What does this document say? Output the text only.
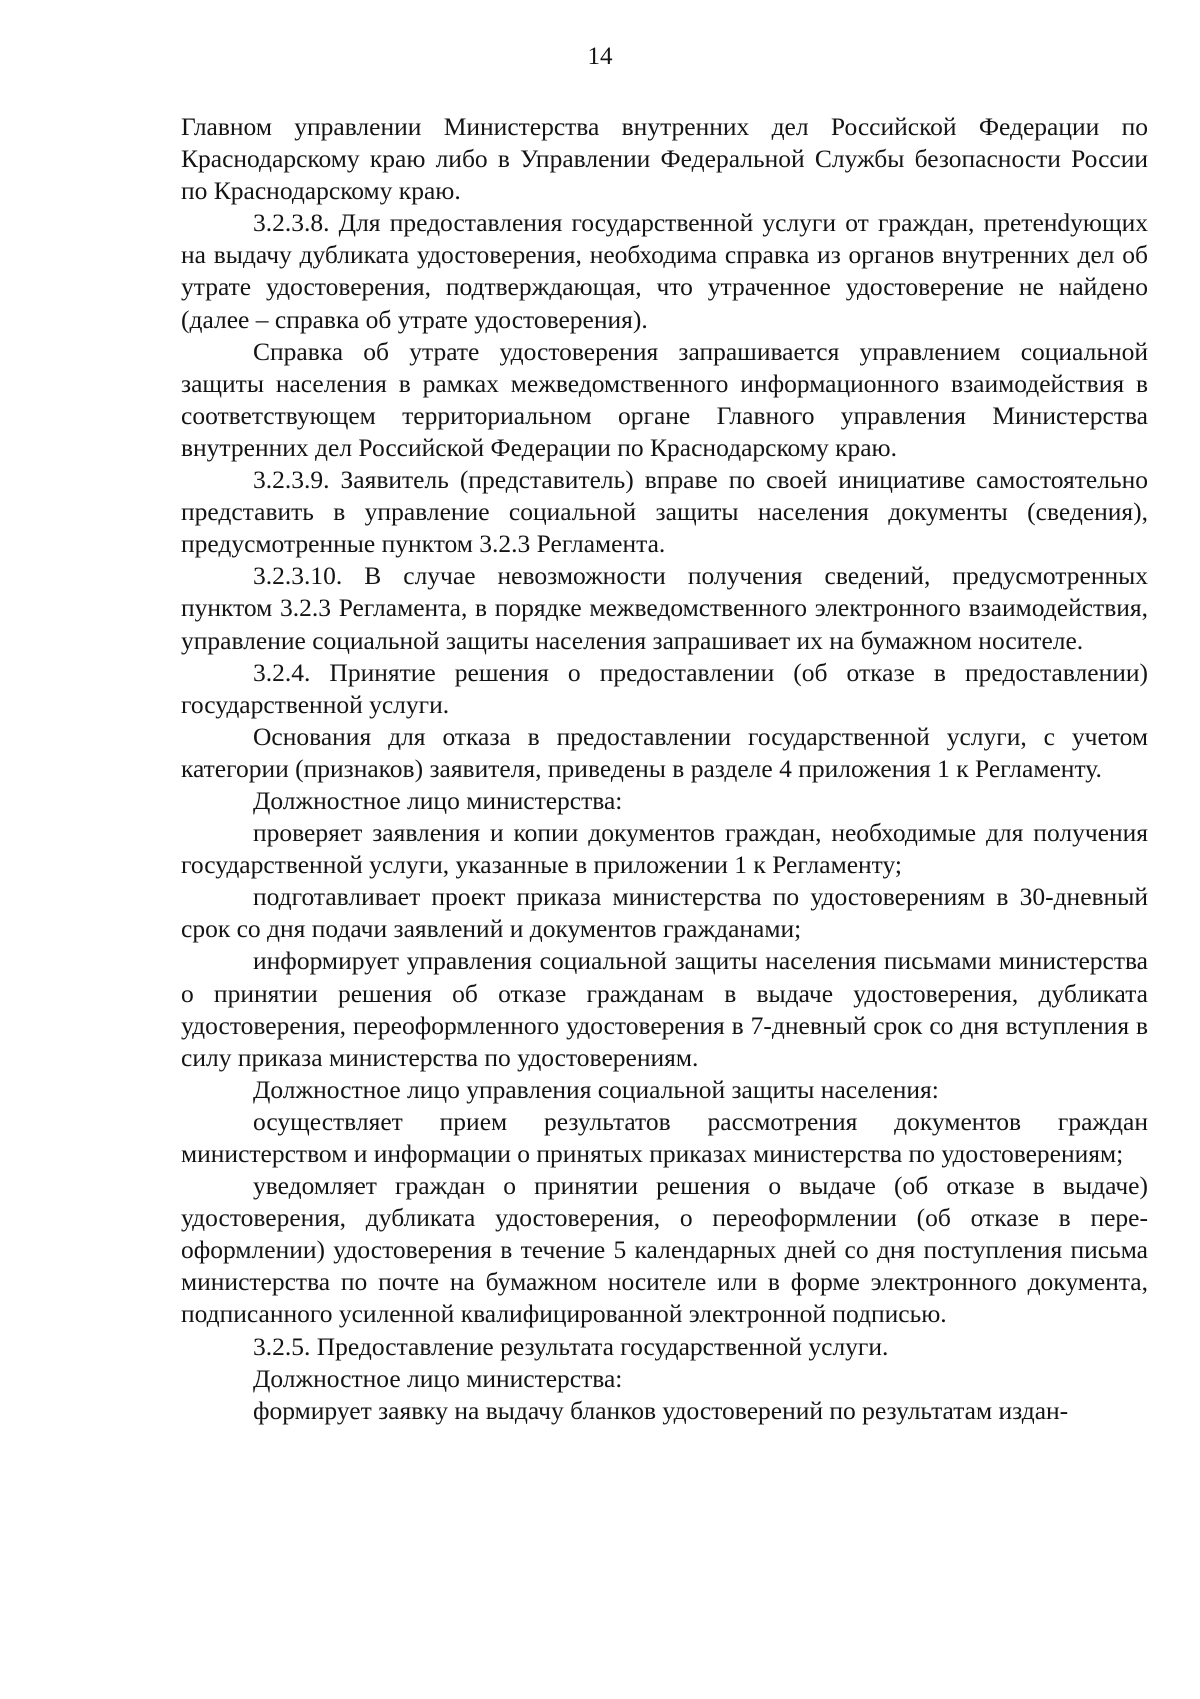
14

Главном управлении Министерства внутренних дел Российской Федерации по Краснодарскому краю либо в Управлении Федеральной Службы безопасности России по Краснодарскому краю.

3.2.3.8. Для предоставления государственной услуги от граждан, претенdующих на выдачу дубликата удостоверения, необходима справка из органов внутренних дел об утрате удостоверения, подтверждающая, что утраченное удостоверение не найдено (далее – справка об утрате удостоверения).

Справка об утрате удостоверения запрашивается управлением социальной защиты населения в рамках межведомственного информационного взаимодействия в соответствующем территориальном органе Главного управления Министерства внутренних дел Российской Федерации по Краснодарскому краю.

3.2.3.9. Заявитель (представитель) вправе по своей инициативе самостоятельно представить в управление социальной защиты населения документы (сведения), предусмотренные пунктом 3.2.3 Регламента.

3.2.3.10. В случае невозможности получения сведений, предусмотренных пунктом 3.2.3 Регламента, в порядке межведомственного электронного взаимодействия, управление социальной защиты населения запрашивает их на бумажном носителе.

3.2.4. Принятие решения о предоставлении (об отказе в предоставлении) государственной услуги.

Основания для отказа в предоставлении государственной услуги, с учетом категории (признаков) заявителя, приведены в разделе 4 приложения 1 к Регламенту.

Должностное лицо министерства:

проверяет заявления и копии документов граждан, необходимые для получения государственной услуги, указанные в приложении 1 к Регламенту;

подготавливает проект приказа министерства по удостоверениям в 30-дневный срок со дня подачи заявлений и документов гражданами;

информирует управления социальной защиты населения письмами министерства о принятии решения об отказе гражданам в выдаче удостоверения, дубликата удостоверения, переоформленного удостоверения в 7-дневный срок со дня вступления в силу приказа министерства по удостоверениям.

Должностное лицо управления социальной защиты населения:

осуществляет прием результатов рассмотрения документов граждан министерством и информации о принятых приказах министерства по удостоверениям;

уведомляет граждан о принятии решения о выдаче (об отказе в выдаче) удостоверения, дубликата удостоверения, о переоформлении (об отказе в переоформлении) удостоверения в течение 5 календарных дней со дня поступления письма министерства по почте на бумажном носителе или в форме электронного документа, подписанного усиленной квалифицированной электронной подписью.

3.2.5. Предоставление результата государственной услуги.

Должностное лицо министерства:

формирует заявку на выдачу бланков удостоверений по результатам издан-
